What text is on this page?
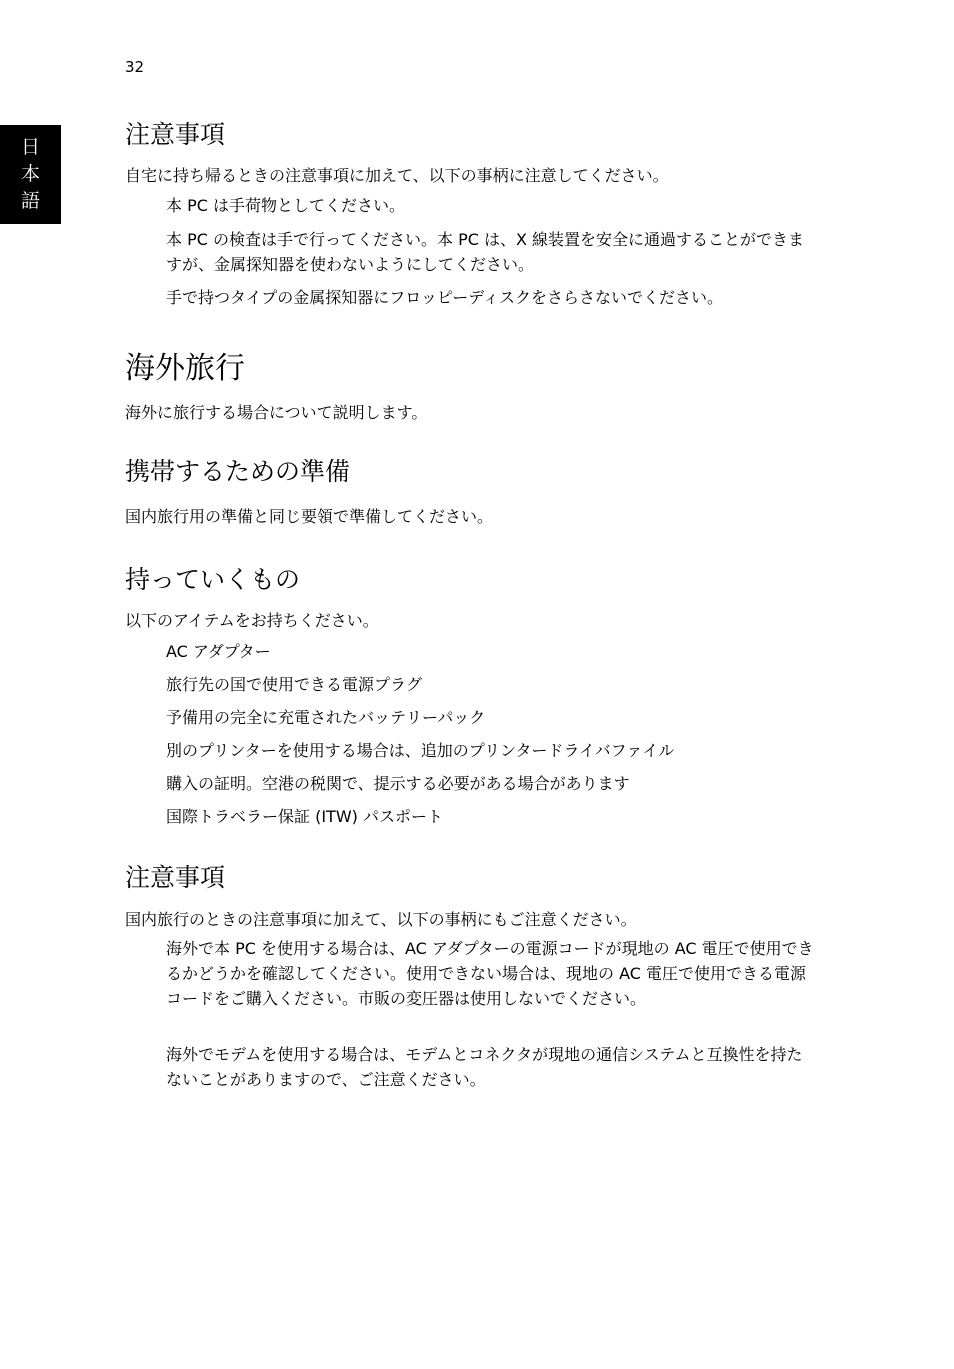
32
日
本
語
注意事項
自宅に持ち帰るときの注意事項に加えて、以下の事柄に注意してください。
本 PC は手荷物としてください。
本 PC の検査は手で行ってください。本 PC は、X 線装置を安全に通過することができますが、金属探知器を使わないようにしてください。
手で持つタイプの金属探知器にフロッピーディスクをさらさないでください。
海外旅行
海外に旅行する場合について説明します。
携帯するための準備
国内旅行用の準備と同じ要領で準備してください。
持っていくもの
以下のアイテムをお持ちください。
AC アダプター
旅行先の国で使用できる電源プラグ
予備用の完全に充電されたバッテリーパック
別のプリンターを使用する場合は、追加のプリンタードライバファイル
購入の証明。空港の税関で、提示する必要がある場合があります
国際トラベラー保証 (ITW) パスポート
注意事項
国内旅行のときの注意事項に加えて、以下の事柄にもご注意ください。
海外で本 PC を使用する場合は、AC アダプターの電源コードが現地の AC 電圧で使用できるかどうかを確認してください。使用できない場合は、現地の AC 電圧で使用できる電源コードをご購入ください。市販の変圧器は使用しないでください。
海外でモデムを使用する場合は、モデムとコネクタが現地の通信システムと互換性を持たないことがありますので、ご注意ください。
